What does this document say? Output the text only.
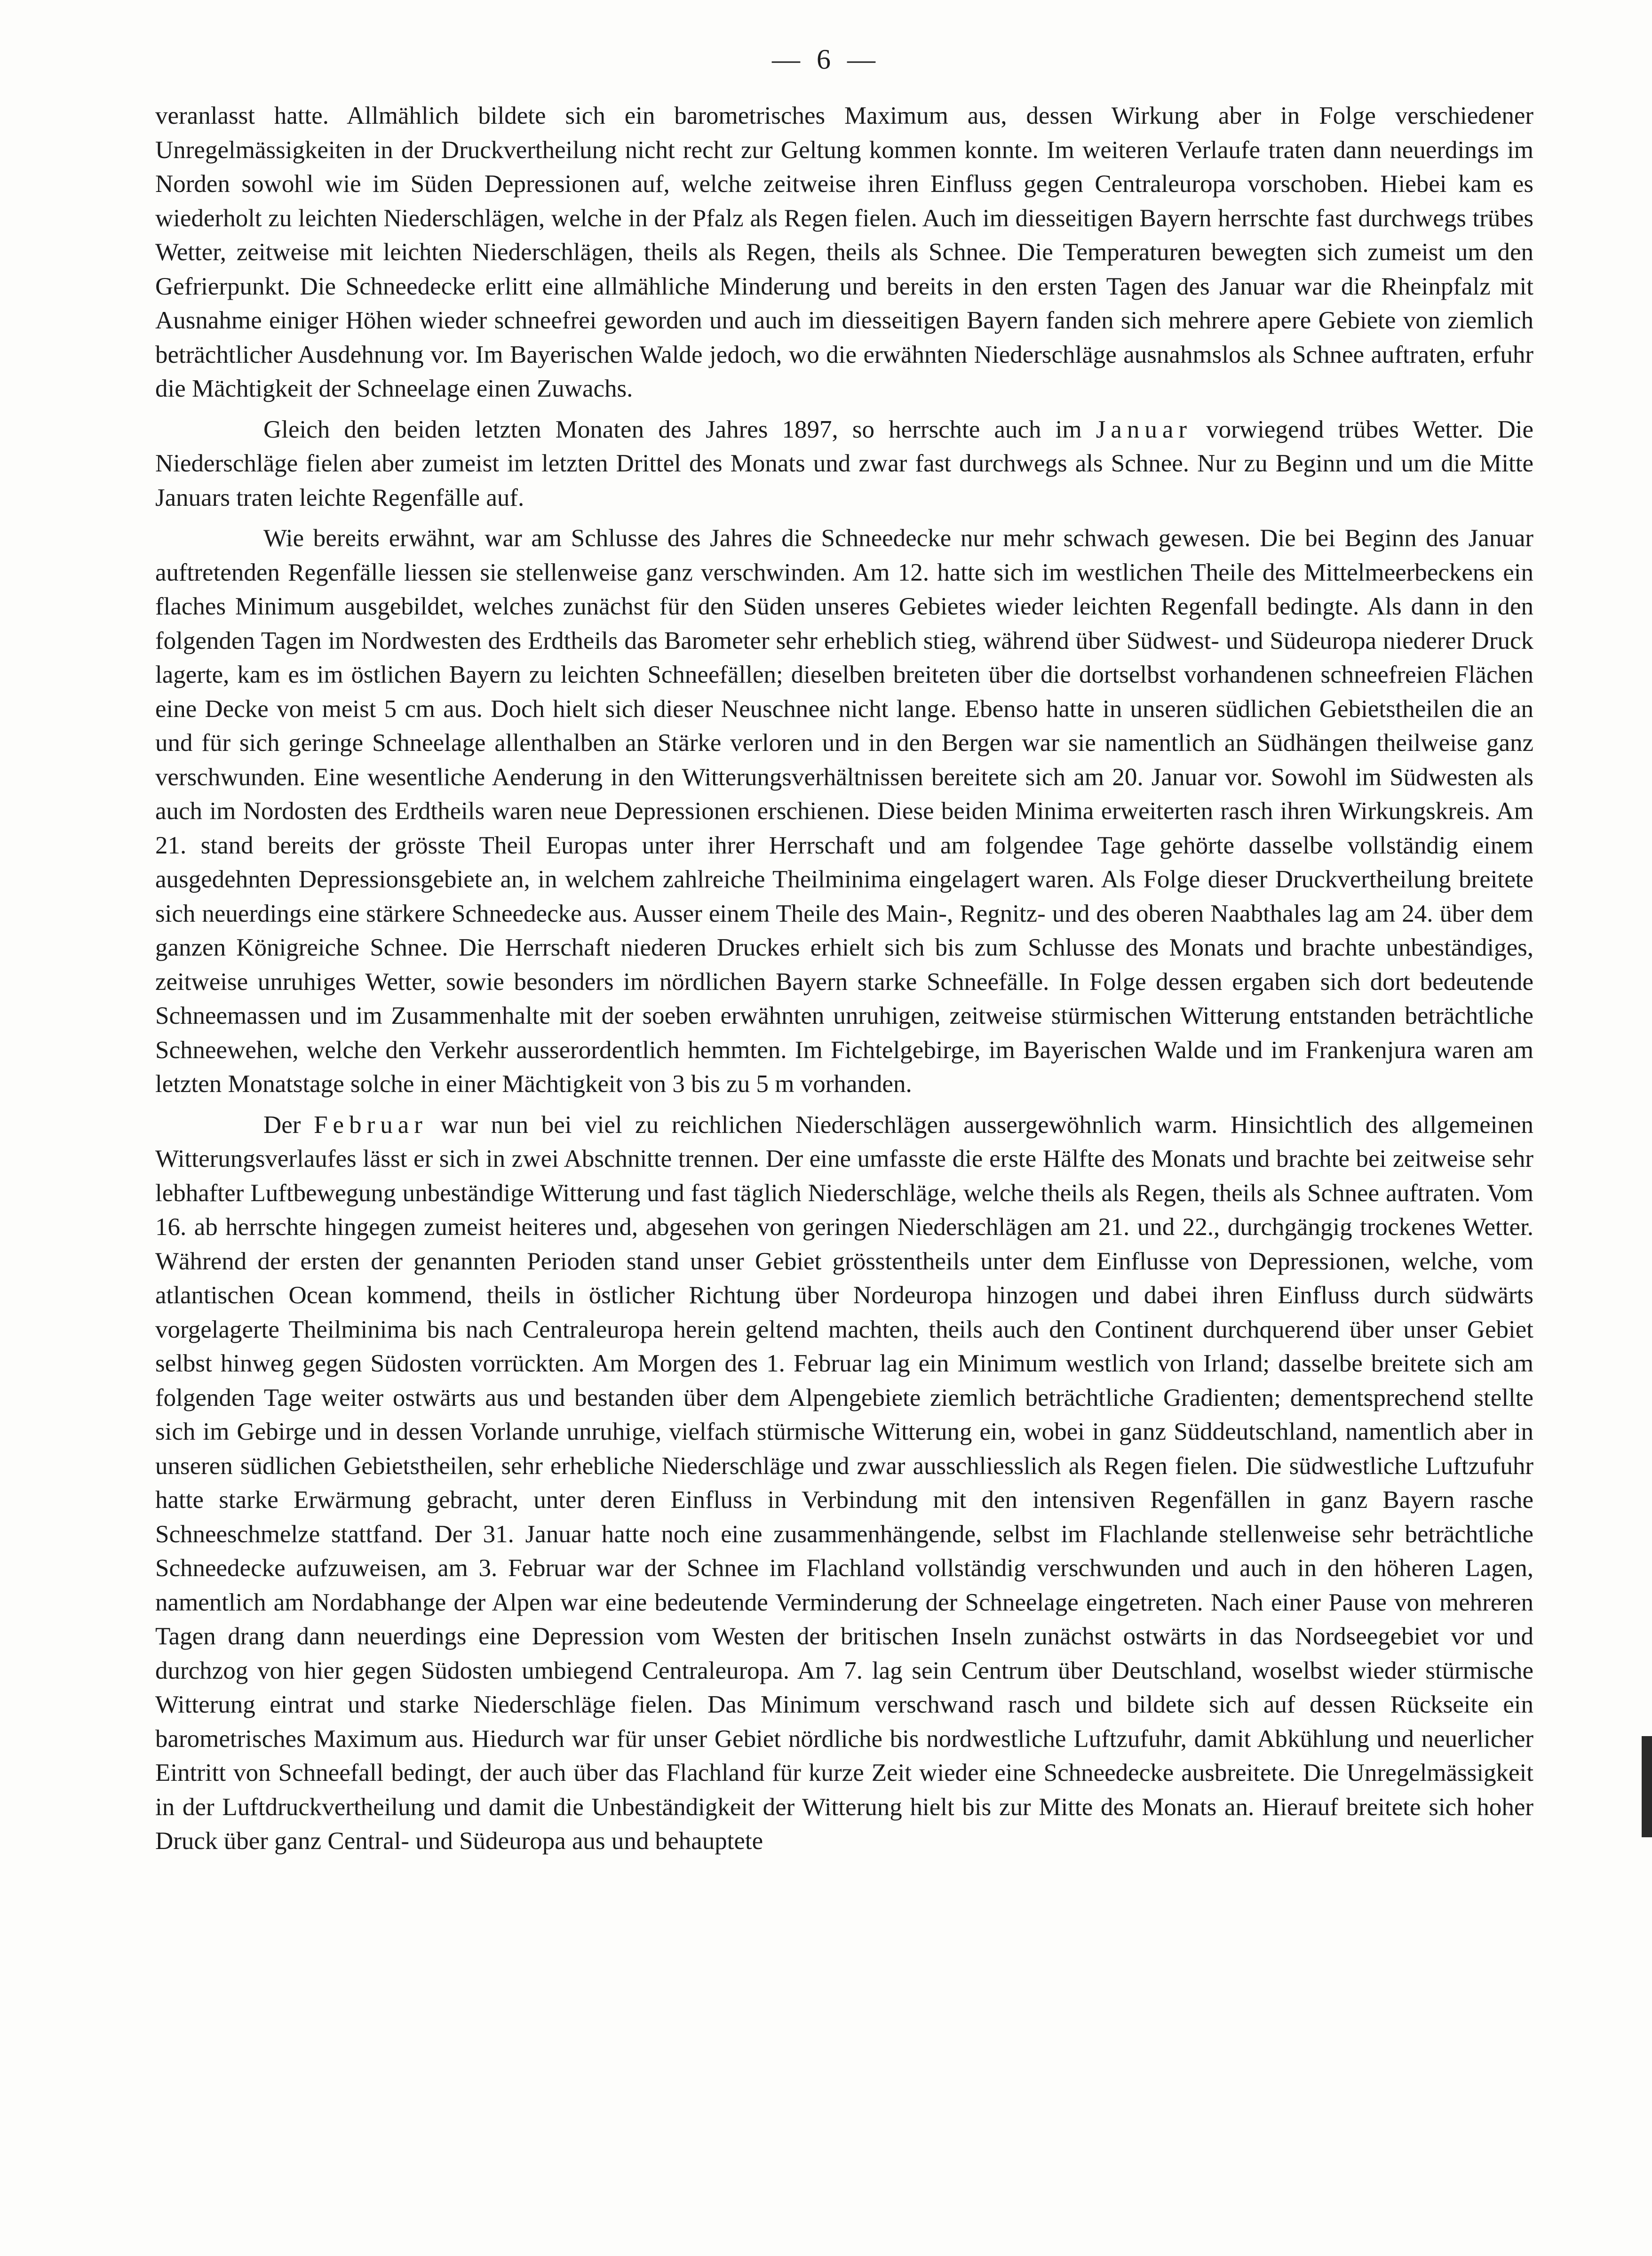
— 6 —

veranlasst hatte. Allmählich bildete sich ein barometrisches Maximum aus, dessen Wirkung aber in Folge verschiedener Unregelmässigkeiten in der Druckvertheilung nicht recht zur Geltung kommen konnte. Im weiteren Verlaufe traten dann neuerdings im Norden sowohl wie im Süden Depressionen auf, welche zeitweise ihren Einfluss gegen Centraleuropa vorschoben. Hiebei kam es wiederholt zu leichten Niederschlägen, welche in der Pfalz als Regen fielen. Auch im diesseitigen Bayern herrschte fast durchwegs trübes Wetter, zeitweise mit leichten Niederschlägen, theils als Regen, theils als Schnee. Die Temperaturen bewegten sich zumeist um den Gefrierpunkt. Die Schneedecke erlitt eine allmähliche Minderung und bereits in den ersten Tagen des Januar war die Rheinpfalz mit Ausnahme einiger Höhen wieder schneefrei geworden und auch im diesseitigen Bayern fanden sich mehrere apere Gebiete von ziemlich beträchtlicher Ausdehnung vor. Im Bayerischen Walde jedoch, wo die erwähnten Niederschläge ausnahmslos als Schnee auftraten, erfuhr die Mächtigkeit der Schneelage einen Zuwachs.

Gleich den beiden letzten Monaten des Jahres 1897, so herrschte auch im Januar vorwiegend trübes Wetter. Die Niederschläge fielen aber zumeist im letzten Drittel des Monats und zwar fast durchwegs als Schnee. Nur zu Beginn und um die Mitte Januars traten leichte Regenfälle auf.

Wie bereits erwähnt, war am Schlusse des Jahres die Schneedecke nur mehr schwach gewesen. Die bei Beginn des Januar auftretenden Regenfälle liessen sie stellenweise ganz verschwinden. Am 12. hatte sich im westlichen Theile des Mittelmeerbeckens ein flaches Minimum ausgebildet, welches zunächst für den Süden unseres Gebietes wieder leichten Regenfall bedingte. Als dann in den folgenden Tagen im Nordwesten des Erdtheils das Barometer sehr erheblich stieg, während über Südwest- und Südeuropa niederer Druck lagerte, kam es im östlichen Bayern zu leichten Schneefällen; dieselben breiteten über die dortselbst vorhandenen schneefreien Flächen eine Decke von meist 5 cm aus. Doch hielt sich dieser Neuschnee nicht lange. Ebenso hatte in unseren südlichen Gebietstheilen die an und für sich geringe Schneelage allenthalben an Stärke verloren und in den Bergen war sie namentlich an Südhängen theilweise ganz verschwunden. Eine wesentliche Aenderung in den Witterungsverhältnissen bereitete sich am 20. Januar vor. Sowohl im Südwesten als auch im Nordosten des Erdtheils waren neue Depressionen erschienen. Diese beiden Minima erweiterten rasch ihren Wirkungskreis. Am 21. stand bereits der grösste Theil Europas unter ihrer Herrschaft und am folgendee Tage gehörte dasselbe vollständig einem ausgedehnten Depressionsgebiete an, in welchem zahlreiche Theilminima eingelagert waren. Als Folge dieser Druckvertheilung breitete sich neuerdings eine stärkere Schneedecke aus. Ausser einem Theile des Main-, Regnitz- und des oberen Naabthales lag am 24. über dem ganzen Königreiche Schnee. Die Herrschaft niederen Druckes erhielt sich bis zum Schlusse des Monats und brachte unbeständiges, zeitweise unruhiges Wetter, sowie besonders im nördlichen Bayern starke Schneefälle. In Folge dessen ergaben sich dort bedeutende Schneemassen und im Zusammenhalte mit der soeben erwähnten unruhigen, zeitweise stürmischen Witterung entstanden beträchtliche Schneewehen, welche den Verkehr ausserordentlich hemmten. Im Fichtelgebirge, im Bayerischen Walde und im Frankenjura waren am letzten Monatstage solche in einer Mächtigkeit von 3 bis zu 5 m vorhanden.

Der Februar war nun bei viel zu reichlichen Niederschlägen aussergewöhnlich warm. Hinsichtlich des allgemeinen Witterungsverlaufes lässt er sich in zwei Abschnitte trennen. Der eine umfasste die erste Hälfte des Monats und brachte bei zeitweise sehr lebhafter Luftbewegung unbeständige Witterung und fast täglich Niederschläge, welche theils als Regen, theils als Schnee auftraten. Vom 16. ab herrschte hingegen zumeist heiteres und, abgesehen von geringen Niederschlägen am 21. und 22., durchgängig trockenes Wetter. Während der ersten der genannten Perioden stand unser Gebiet grösstentheils unter dem Einflusse von Depressionen, welche, vom atlantischen Ocean kommend, theils in östlicher Richtung über Nordeuropa hinzogen und dabei ihren Einfluss durch südwärts vorgelagerte Theilminima bis nach Centraleuropa herein geltend machten, theils auch den Continent durchquerend über unser Gebiet selbst hinweg gegen Südosten vorrückten. Am Morgen des 1. Februar lag ein Minimum westlich von Irland; dasselbe breitete sich am folgenden Tage weiter ostwärts aus und bestanden über dem Alpengebiete ziemlich beträchtliche Gradienten; dementsprechend stellte sich im Gebirge und in dessen Vorlande unruhige, vielfach stürmische Witterung ein, wobei in ganz Süddeutschland, namentlich aber in unseren südlichen Gebietstheilen, sehr erhebliche Niederschläge und zwar ausschliesslich als Regen fielen. Die südwestliche Luftzufuhr hatte starke Erwärmung gebracht, unter deren Einfluss in Verbindung mit den intensiven Regenfällen in ganz Bayern rasche Schneeschmelze stattfand. Der 31. Januar hatte noch eine zusammenhängende, selbst im Flachlande stellenweise sehr beträchtliche Schneedecke aufzuweisen, am 3. Februar war der Schnee im Flachland vollständig verschwunden und auch in den höheren Lagen, namentlich am Nordabhange der Alpen war eine bedeutende Verminderung der Schneelage eingetreten. Nach einer Pause von mehreren Tagen drang dann neuerdings eine Depression vom Westen der britischen Inseln zunächst ostwärts in das Nordseegebiet vor und durchzog von hier gegen Südosten umbiegend Centraleuropa. Am 7. lag sein Centrum über Deutschland, woselbst wieder stürmische Witterung eintrat und starke Niederschläge fielen. Das Minimum verschwand rasch und bildete sich auf dessen Rückseite ein barometrisches Maximum aus. Hiedurch war für unser Gebiet nördliche bis nordwestliche Luftzufuhr, damit Abkühlung und neuerlicher Eintritt von Schneefall bedingt, der auch über das Flachland für kurze Zeit wieder eine Schneedecke ausbreitete. Die Unregelmässigkeit in der Luftdruckvertheilung und damit die Unbeständigkeit der Witterung hielt bis zur Mitte des Monats an. Hierauf breitete sich hoher Druck über ganz Central- und Südeuropa aus und behauptete
